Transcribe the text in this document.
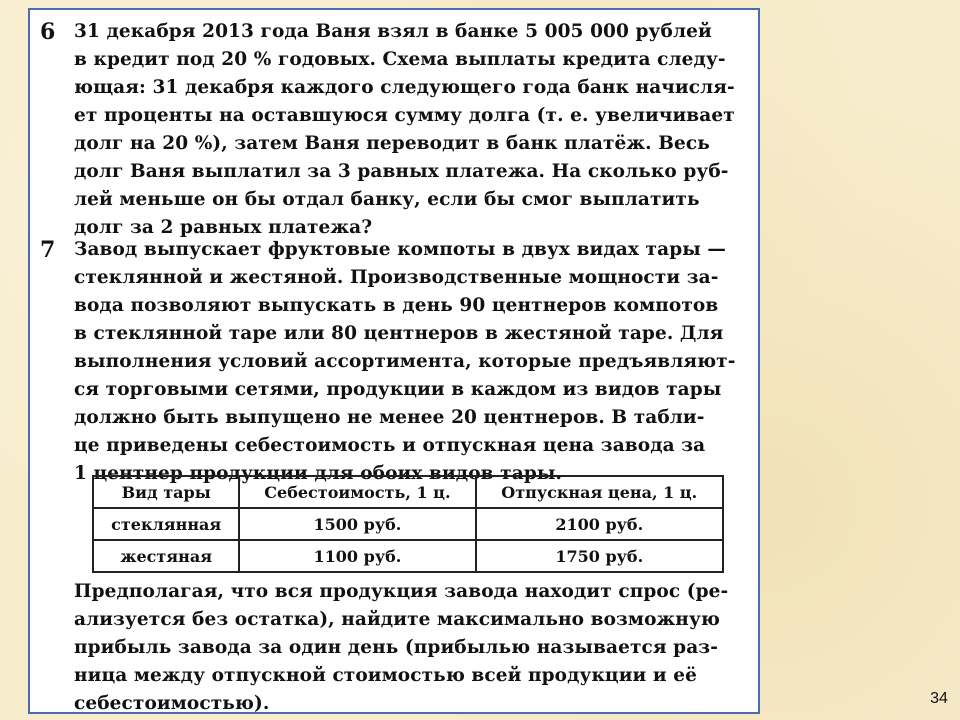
6	31 декабря 2013 года Ваня взял в банке 5 005 000 рублей
в кредит под 20 % годовых. Схема выплаты кредита следу-
ющая: 31 декабря каждого следующего года банк начисля-
ет проценты на оставшуюся сумму долга (т. е. увеличивает
долг на 20 %), затем Ваня переводит в банк платёж. Весь
долг Ваня выплатил за 3 равных платежа. На сколько руб-
лей меньше он бы отдал банку, если бы смог выплатить
долг за 2 равных платежа?
7	Завод выпускает фруктовые компоты в двух видах тары —
стеклянной и жестяной. Производственные мощности за-
вода позволяют выпускать в день 90 центнеров компотов
в стеклянной таре или 80 центнеров в жестяной таре. Для
выполнения условий ассортимента, которые предъявляют-
ся торговыми сетями, продукции в каждом из видов тары
должно быть выпущено не менее 20 центнеров. В табли-
це приведены себестоимость и отпускная цена завода за
1 центнер продукции для обоих видов тары.
Вид тары	Себестоимость, 1 ц.	Отпускная цена, 1 ц.
стеклянная	1500 руб.	2100 руб.
жестяная	1100 руб.	1750 руб.
Предполагая, что вся продукция завода находит спрос (ре-
ализуется без остатка), найдите максимально возможную
прибыль завода за один день (прибылью называется раз-
ница между отпускной стоимостью всей продукции и её
себестоимостью).	34
